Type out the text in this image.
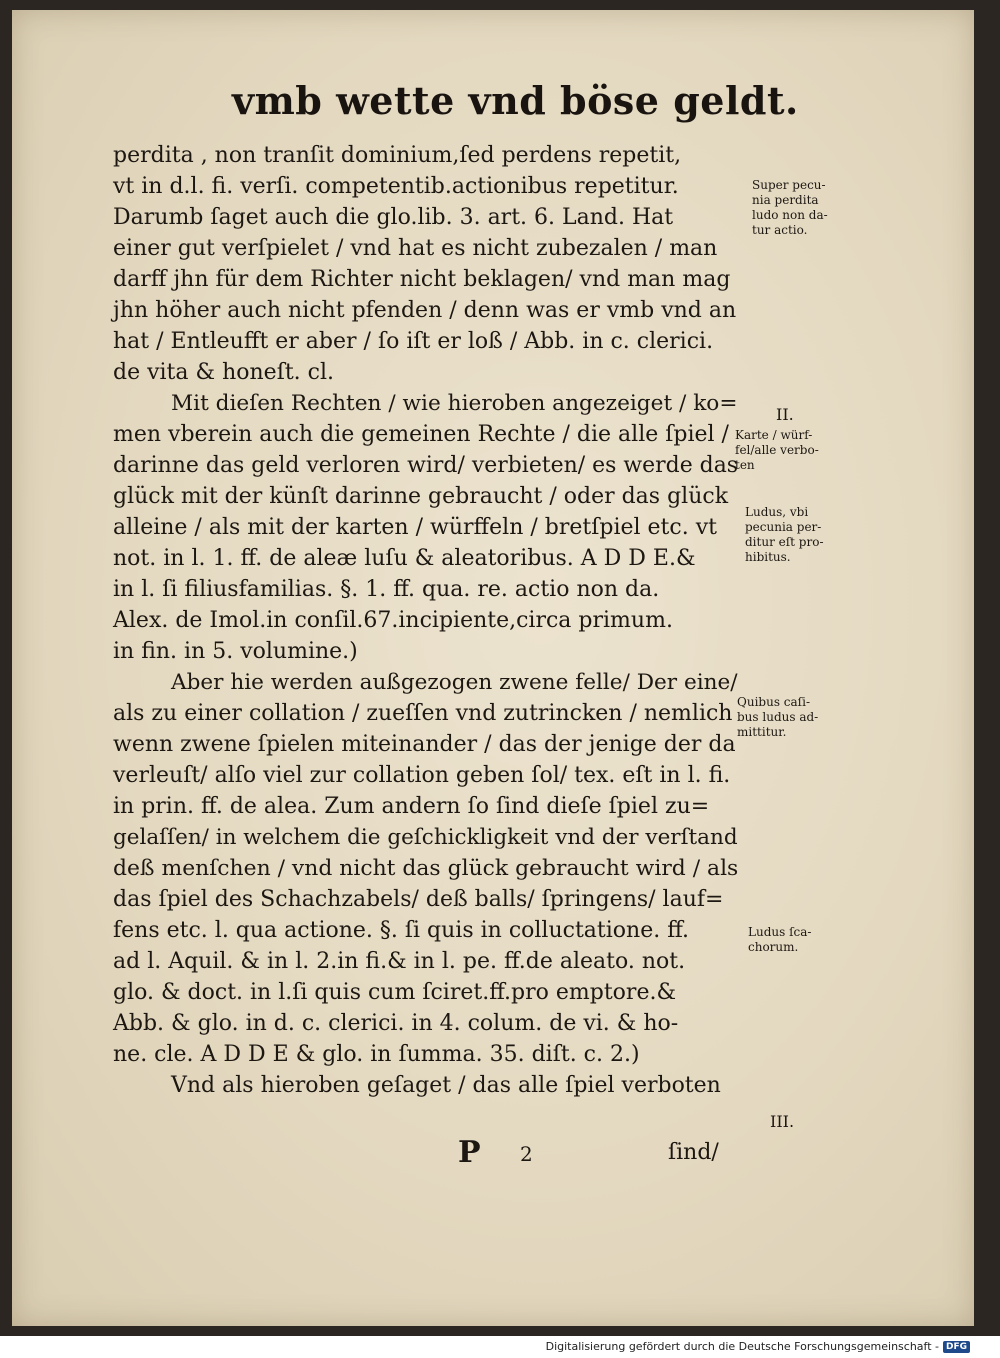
vmb wette vnd böse geldt.
perdita , non tranſit dominium,ſed perdens repetit,
vt in d.l. fi. verſi. competentib.actionibus repetitur.
Darumb ſaget auch die glo.lib. 3. art. 6. Land. Hat
einer gut verſpielet / vnd hat es nicht zubezalen / man
darff jhn für dem Richter nicht beklagen/ vnd man mag
jhn höher auch nicht pfenden / denn was er vmb vnd an
hat / Entleufft er aber / ſo iſt er loß / Abb. in c. clerici.
de vita & honeſt. cl.
Mit dieſen Rechten / wie hieroben angezeiget / ko=
men vberein auch die gemeinen Rechte / die alle ſpiel /
darinne das geld verloren wird/ verbieten/ es werde das
glück mit der künſt darinne gebraucht / oder das glück
alleine / als mit der karten / würffeln / bretſpiel etc. vt
not. in l. 1. ff. de aleæ luſu & aleatoribus. A D D E.&
in l. ſi filiusfamilias. §. 1. ff. qua. re. actio non da.
Alex. de Imol.in conſil.67.incipiente,circa primum.
in fin. in 5. volumine.)
Aber hie werden außgezogen zwene felle/ Der eine/
als zu einer collation / zueſſen vnd zutrincken / nemlich
wenn zwene ſpielen miteinander / das der jenige der da
verleuſt/ alſo viel zur collation geben ſol/ tex. eſt in l. fi.
in prin. ff. de alea. Zum andern ſo ſind dieſe ſpiel zu=
gelaſſen/ in welchem die geſchickligkeit vnd der verſtand
deß menſchen / vnd nicht das glück gebraucht wird / als
das ſpiel des Schachzabels/ deß balls/ ſpringens/ lauf=
fens etc. l. qua actione. §. ſi quis in colluctatione. ff.
ad l. Aquil. & in l. 2.in fi.& in l. pe. ff.de aleato. not.
glo. & doct. in l.ſi quis cum ſciret.ff.pro emptore.&
Abb. & glo. in d. c. clerici. in 4. colum. de vi. & ho-
ne. cle. A D D E & glo. in ſumma. 35. diſt. c. 2.)
Vnd als hieroben geſaget / das alle ſpiel verboten
Super pecu-
nia perdita
ludo non da-
tur actio.
II.
Karte / würf-
fel/alle verbo-
ten
Ludus, vbi
pecunia per-
ditur eſt pro-
hibitus.
Quibus caſi-
bus ludus ad-
mittitur.
Ludus ſca-
chorum.
III.
P 2	ſind/
Digitalisierung gefördert durch die Deutsche Forschungsgemeinschaft - DFG
